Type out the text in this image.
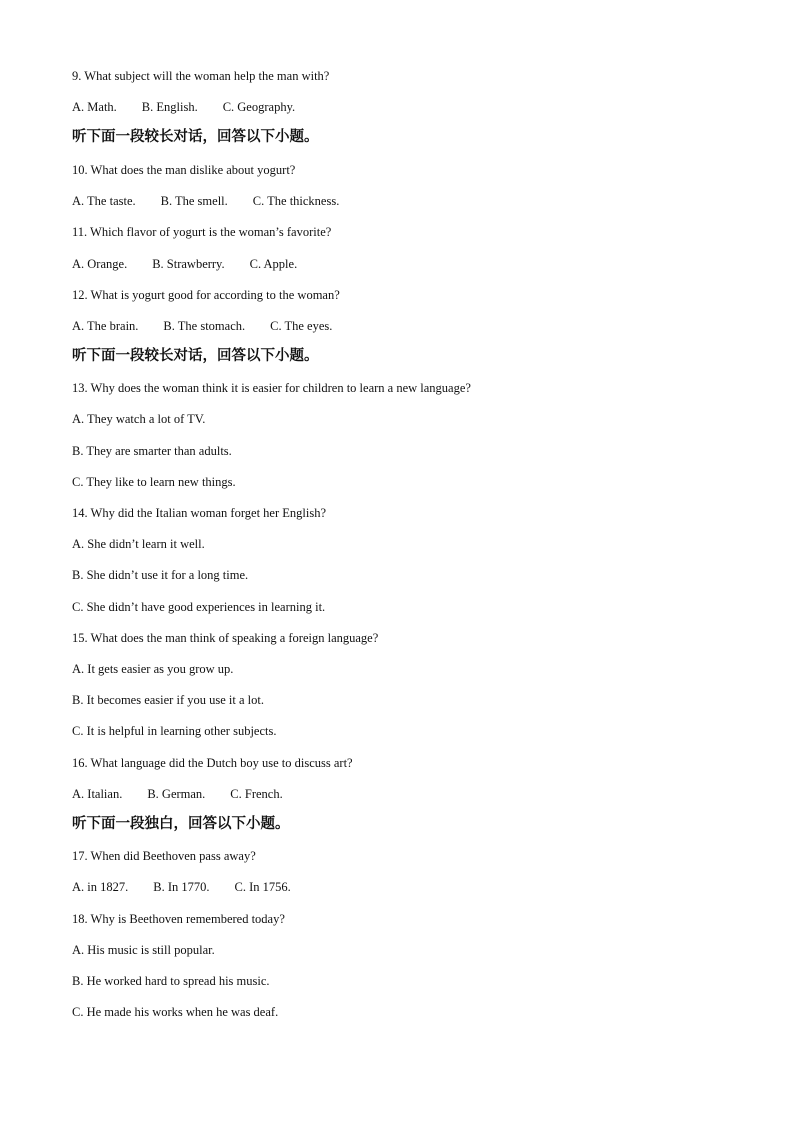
9. What subject will the woman help the man with?
A. Math.        B. English.        C. Geography.
听下面一段较长对话，回答以下小题。
10. What does the man dislike about yogurt?
A. The taste.        B. The smell.        C. The thickness.
11. Which flavor of yogurt is the woman’s favorite?
A. Orange.        B. Strawberry.        C. Apple.
12. What is yogurt good for according to the woman?
A. The brain.        B. The stomach.        C. The eyes.
听下面一段较长对话，回答以下小题。
13. Why does the woman think it is easier for children to learn a new language?
A. They watch a lot of TV.
B. They are smarter than adults.
C. They like to learn new things.
14. Why did the Italian woman forget her English?
A. She didn’t learn it well.
B. She didn’t use it for a long time.
C. She didn’t have good experiences in learning it.
15. What does the man think of speaking a foreign language?
A. It gets easier as you grow up.
B. It becomes easier if you use it a lot.
C. It is helpful in learning other subjects.
16. What language did the Dutch boy use to discuss art?
A. Italian.        B. German.        C. French.
听下面一段独白，回答以下小题。
17. When did Beethoven pass away?
A. in 1827.        B. In 1770.        C. In 1756.
18. Why is Beethoven remembered today?
A. His music is still popular.
B. He worked hard to spread his music.
C. He made his works when he was deaf.
